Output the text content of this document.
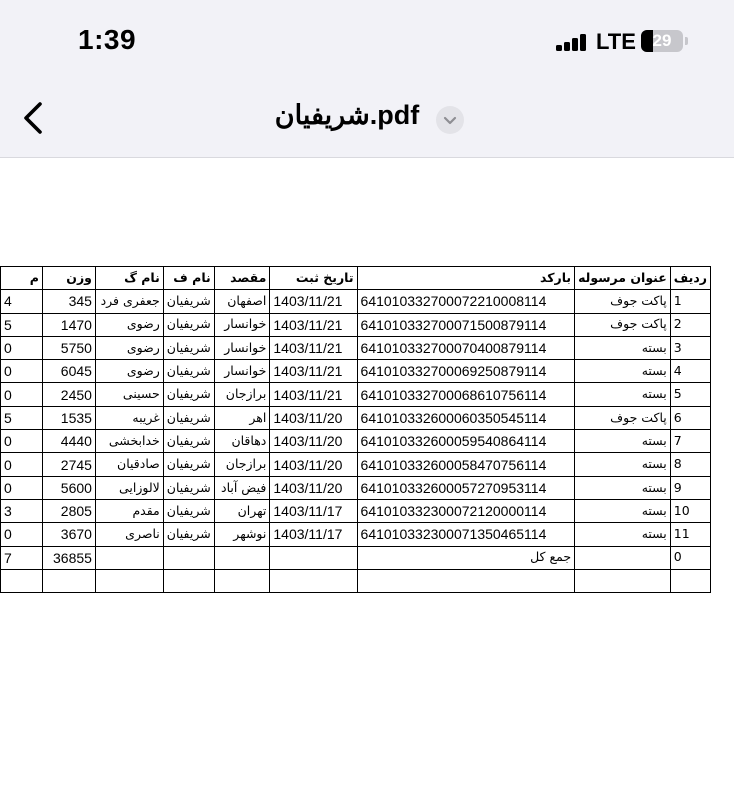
1:39	LTE 29
شریفیان.pdf
ردیف	عنوان مرسوله	بارکد	تاریخ ثبت	مقصد	نام ف	نام گ	وزن	م
1	پاکت جوف	641010332700072210008114	1403/11/21	اصفهان	شریفیان	جعفری فرد	345	4
2	پاکت جوف	641010332700071500879114	1403/11/21	خوانسار	شریفیان	رضوی	1470	5
3	بسته	641010332700070400879114	1403/11/21	خوانسار	شریفیان	رضوی	5750	0
4	بسته	641010332700069250879114	1403/11/21	خوانسار	شریفیان	رضوی	6045	0
5	بسته	641010332700068610756114	1403/11/21	برازجان	شریفیان	حسینی	2450	0
6	پاکت جوف	641010332600060350545114	1403/11/20	اهر	شریفیان	غریبه	1535	5
7	بسته	641010332600059540864114	1403/11/20	دهاقان	شریفیان	خدابخشی	4440	0
8	بسته	641010332600058470756114	1403/11/20	برازجان	شریفیان	صادقیان	2745	0
9	بسته	641010332600057270953114	1403/11/20	فیض آباد	شریفیان	لالوزایی	5600	0
10	بسته	641010332300072120000114	1403/11/17	تهران	شریفیان	مقدم	2805	3
11	بسته	641010332300071350465114	1403/11/17	نوشهر	شریفیان	ناصری	3670	0
0		جمع کل					36855	7
